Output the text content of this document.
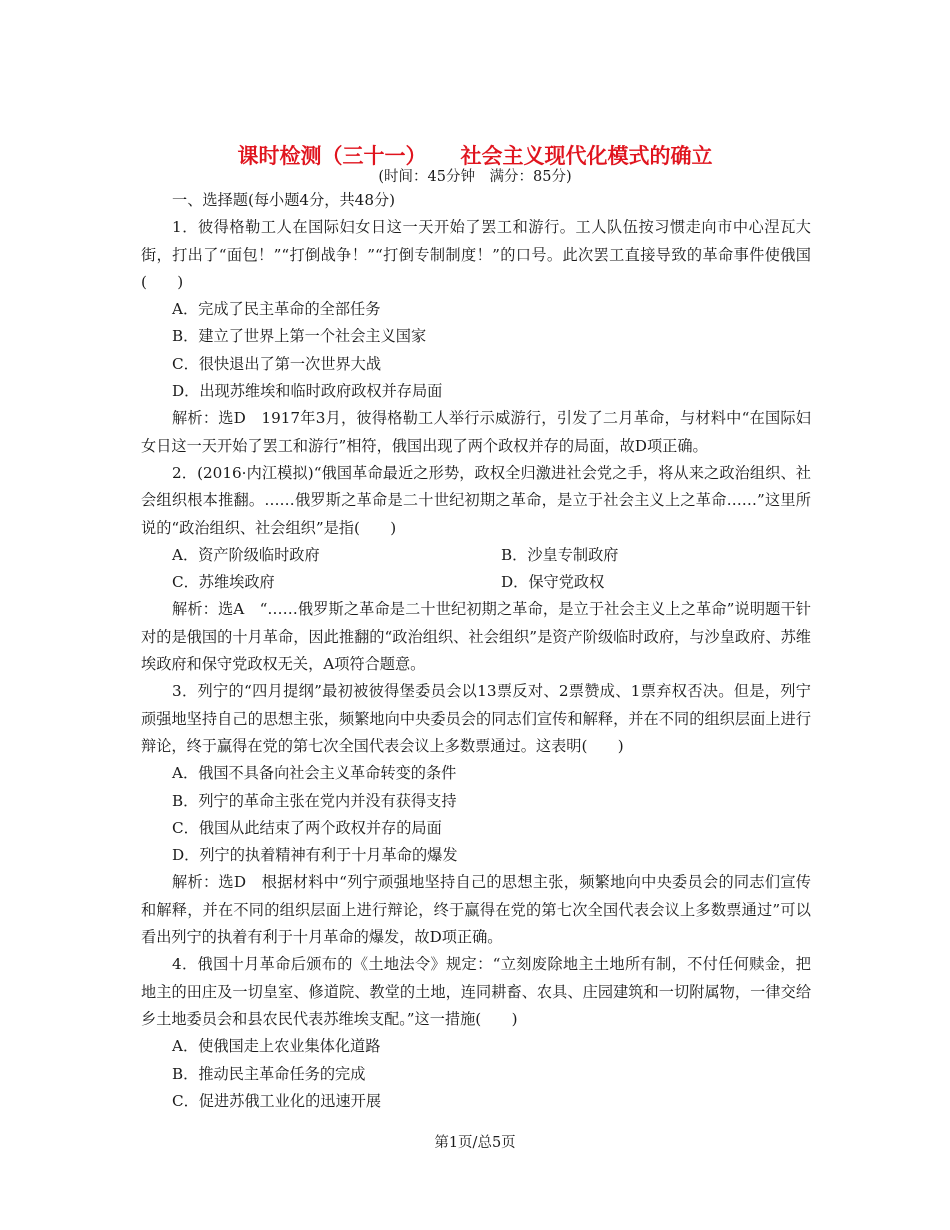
课时检测（三十一） 社会主义现代化模式的确立
(时间：45分钟　满分：85分)

一、选择题(每小题4分，共48分)

1．彼得格勒工人在国际妇女日这一天开始了罢工和游行。工人队伍按习惯走向市中心涅瓦大街，打出了“面包！”“打倒战争！”“打倒专制制度！”的口号。此次罢工直接导致的革命事件使俄国(　　)

A．完成了民主革命的全部任务

B．建立了世界上第一个社会主义国家

C．很快退出了第一次世界大战

D．出现苏维埃和临时政府政权并存局面

解析：选D　1917年3月，彼得格勒工人举行示威游行，引发了二月革命，与材料中“在国际妇女日这一天开始了罢工和游行”相符，俄国出现了两个政权并存的局面，故D项正确。

2．(2016·内江模拟)“俄国革命最近之形势，政权全归激进社会党之手，将从来之政治组织、社会组织根本推翻。……俄罗斯之革命是二十世纪初期之革命，是立于社会主义上之革命……”这里所说的“政治组织、社会组织”是指(　　)

A．资产阶级临时政府	B．沙皇专制政府
C．苏维埃政府	D．保守党政权

解析：选A　“……俄罗斯之革命是二十世纪初期之革命，是立于社会主义上之革命”说明题干针对的是俄国的十月革命，因此推翻的“政治组织、社会组织”是资产阶级临时政府，与沙皇政府、苏维埃政府和保守党政权无关，A项符合题意。

3．列宁的“四月提纲”最初被彼得堡委员会以13票反对、2票赞成、1票弃权否决。但是，列宁顽强地坚持自己的思想主张，频繁地向中央委员会的同志们宣传和解释，并在不同的组织层面上进行辩论，终于赢得在党的第七次全国代表会议上多数票通过。这表明(　　)

A．俄国不具备向社会主义革命转变的条件

B．列宁的革命主张在党内并没有获得支持

C．俄国从此结束了两个政权并存的局面

D．列宁的执着精神有利于十月革命的爆发

解析：选D　根据材料中“列宁顽强地坚持自己的思想主张，频繁地向中央委员会的同志们宣传和解释，并在不同的组织层面上进行辩论，终于赢得在党的第七次全国代表会议上多数票通过”可以看出列宁的执着有利于十月革命的爆发，故D项正确。

4．俄国十月革命后颁布的《土地法令》规定：“立刻废除地主土地所有制，不付任何赎金，把地主的田庄及一切皇室、修道院、教堂的土地，连同耕畜、农具、庄园建筑和一切附属物，一律交给乡土地委员会和县农民代表苏维埃支配。”这一措施(　　)

A．使俄国走上农业集体化道路

B．推动民主革命任务的完成

C．促进苏俄工业化的迅速开展

第1页/总5页
